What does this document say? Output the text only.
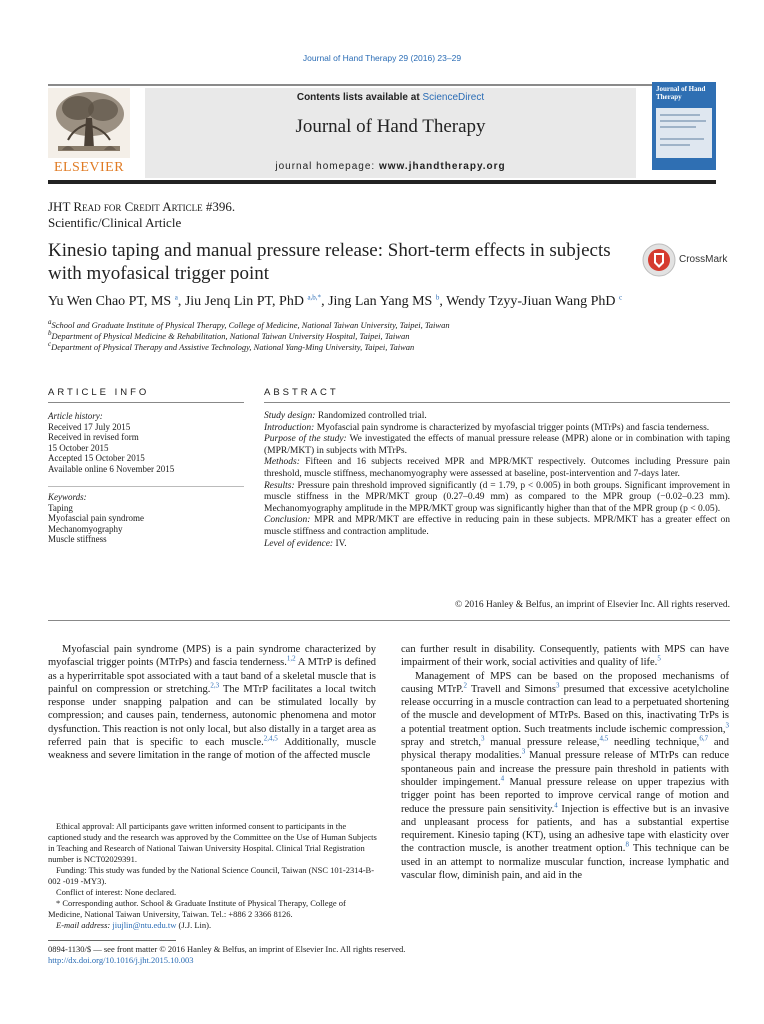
Journal of Hand Therapy 29 (2016) 23–29
ELSEVIER
Contents lists available at ScienceDirect
Journal of Hand Therapy
journal homepage: www.jhandtherapy.org
Journal of Hand Therapy
JHT Read for Credit Article #396.
Scientific/Clinical Article
Kinesio taping and manual pressure release: Short-term effects in subjects with myofasical trigger point
CrossMark
Yu Wen Chao PT, MS $^a$, Jiu Jenq Lin PT, PhD $^{a,b,*}$, Jing Lan Yang MS $^b$, Wendy Tzyy-Jiuan Wang PhD $^c$
$^a$School and Graduate Institute of Physical Therapy, College of Medicine, National Taiwan University, Taipei, Taiwan
$^b$Department of Physical Medicine & Rehabilitation, National Taiwan University Hospital, Taipei, Taiwan
$^c$Department of Physical Therapy and Assistive Technology, National Yang-Ming University, Taipei, Taiwan
ARTICLE INFO	ABSTRACT
Article history:
Received 17 July 2015
Received in revised form
15 October 2015
Accepted 15 October 2015
Available online 6 November 2015
Keywords:
Taping
Myofascial pain syndrome
Mechanomyography
Muscle stiffness

Study design: Randomized controlled trial.

Introduction: Myofascial pain syndrome is characterized by myofascial trigger points (MTrPs) and fascia tenderness.

Purpose of the study: We investigated the effects of manual pressure release (MPR) alone or in combination with taping (MPR/MKT) in subjects with MTrPs.

Methods: Fifteen and 16 subjects received MPR and MPR/MKT respectively. Outcomes including Pressure pain threshold, muscle stiffness, mechanomyography were assessed at baseline, post-intervention and 7-days later.

Results: Pressure pain threshold improved significantly (d = 1.79, p < 0.005) in both groups. Significant improvement in muscle stiffness in the MPR/MKT group (0.27–0.49 mm) as compared to the MPR group (−0.02–0.23 mm). Mechanomyography amplitude in the MPR/MKT group was significantly higher than that of the MPR group (p < 0.05).

Conclusion: MPR and MPR/MKT are effective in reducing pain in these subjects. MPR/MKT has a greater effect on muscle stiffness and contraction amplitude.

Level of evidence: IV.

© 2016 Hanley & Belfus, an imprint of Elsevier Inc. All rights reserved.

Myofascial pain syndrome (MPS) is a pain syndrome characterized by myofascial trigger points (MTrPs) and fascia tenderness.$^{1,2}$ A MTrP is defined as a hyperirritable spot associated with a taut band of a skeletal muscle that is painful on compression or stretching.$^{2,3}$ The MTrP facilitates a local twitch response under snapping palpation and can be stimulated locally by compression; and causes pain, tenderness, autonomic phenomena and motor dysfunction. This reaction is not only local, but also distally in a target area as referred pain that is specific to each muscle.$^{2,4,5}$ Additionally, muscle weakness and severe limitation in the range of motion of the affected muscle

can further result in disability. Consequently, patients with MPS can have impairment of their work, social activities and quality of life.$^5$

Management of MPS can be based on the proposed mechanisms of causing MTrP.$^2$ Travell and Simons$^3$ presumed that excessive acetylcholine release occurring in a muscle contraction can lead to a perpetuated shortening of the muscle and development of MTrPs. Based on this, inactivating TrPs is a potential treatment option. Such treatments include ischemic compression,$^3$ spray and stretch,$^3$ manual pressure release,$^{4,5}$ needling technique,$^{6,7}$ and physical therapy modalities.$^3$ Manual pressure release of MTrPs can reduce spontaneous pain and increase the pressure pain threshold in patients with shoulder impingement.$^4$ Manual pressure release on upper trapezius with trigger point has been reported to improve cervical range of motion and reduce the pressure pain sensitivity.$^4$ Injection is effective but is an invasive and unpleasant process for patients, and has a substantial expertise requirement. Kinesio taping (KT), using an adhesive tape with elasticity over the contraction muscle, is another treatment option.$^8$ This technique can be used in an attempt to normalize muscular function, increase lymphatic and vascular flow, diminish pain, and aid in the

Ethical approval: All participants gave written informed consent to participants in the captioned study and the research was approved by the Committee on the Use of Human Subjects in Teaching and Research of National Taiwan University Hospital. Clinical Trial Registration number is NCT02029391.

Funding: This study was funded by the National Science Council, Taiwan (NSC 101-2314-B-002 -019 -MY3).

Conflict of interest: None declared.

* Corresponding author. School & Graduate Institute of Physical Therapy, College of Medicine, National Taiwan University, Taiwan. Tel.: +886 2 3366 8126.

E-mail address: jiujlin@ntu.edu.tw (J.J. Lin).

0894-1130/$ — see front matter © 2016 Hanley & Belfus, an imprint of Elsevier Inc. All rights reserved.
http://dx.doi.org/10.1016/j.jht.2015.10.003
